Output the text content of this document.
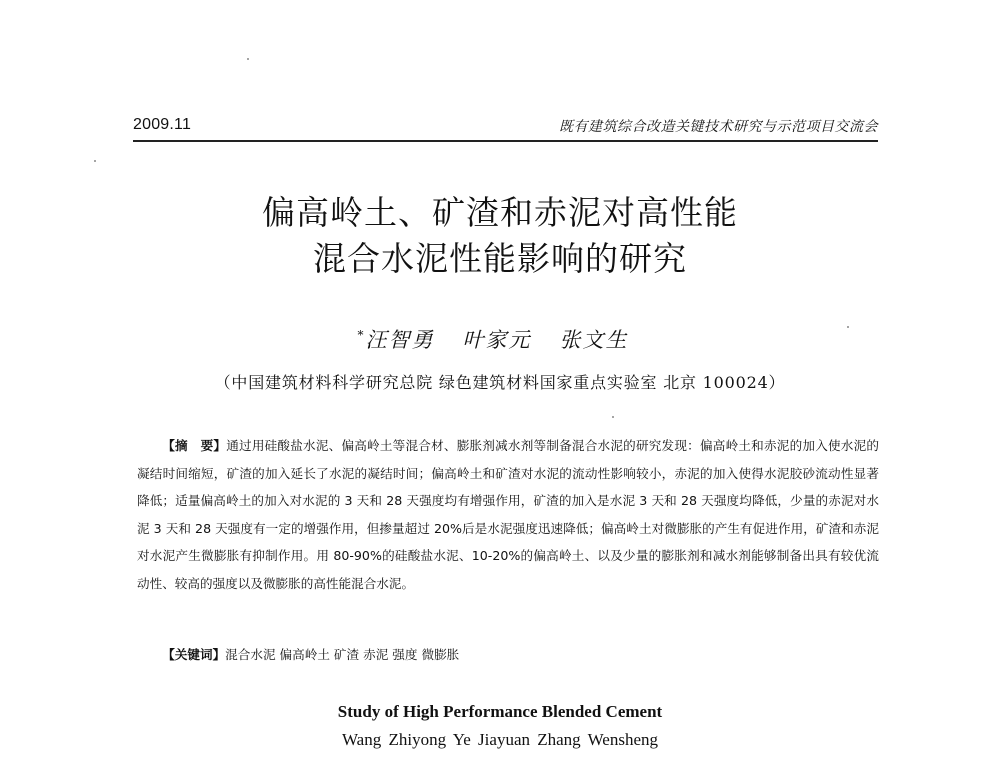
2009.11	既有建筑综合改造关键技术研究与示范项目交流会
偏高岭土、矿渣和赤泥对高性能
混合水泥性能影响的研究
*汪智勇 叶家元 张文生
（中国建筑材料科学研究总院 绿色建筑材料国家重点实验室 北京 100024）
【摘　要】通过用硅酸盐水泥、偏高岭土等混合材、膨胀剂减水剂等制备混合水泥的研究发现：偏高岭土和赤泥的加入使水泥的凝结时间缩短，矿渣的加入延长了水泥的凝结时间；偏高岭土和矿渣对水泥的流动性影响较小，赤泥的加入使得水泥胶砂流动性显著降低；适量偏高岭土的加入对水泥的 3 天和 28 天强度均有增强作用，矿渣的加入是水泥 3 天和 28 天强度均降低，少量的赤泥对水泥 3 天和 28 天强度有一定的增强作用，但掺量超过 20%后是水泥强度迅速降低；偏高岭土对微膨胀的产生有促进作用，矿渣和赤泥对水泥产生微膨胀有抑制作用。用 80-90%的硅酸盐水泥、10-20%的偏高岭土、以及少量的膨胀剂和减水剂能够制备出具有较优流动性、较高的强度以及微膨胀的高性能混合水泥。
【关键词】混合水泥 偏高岭土 矿渣 赤泥 强度 微膨胀
Study of High Performance Blended Cement
Wang Zhiyong Ye Jiayuan Zhang Wensheng
